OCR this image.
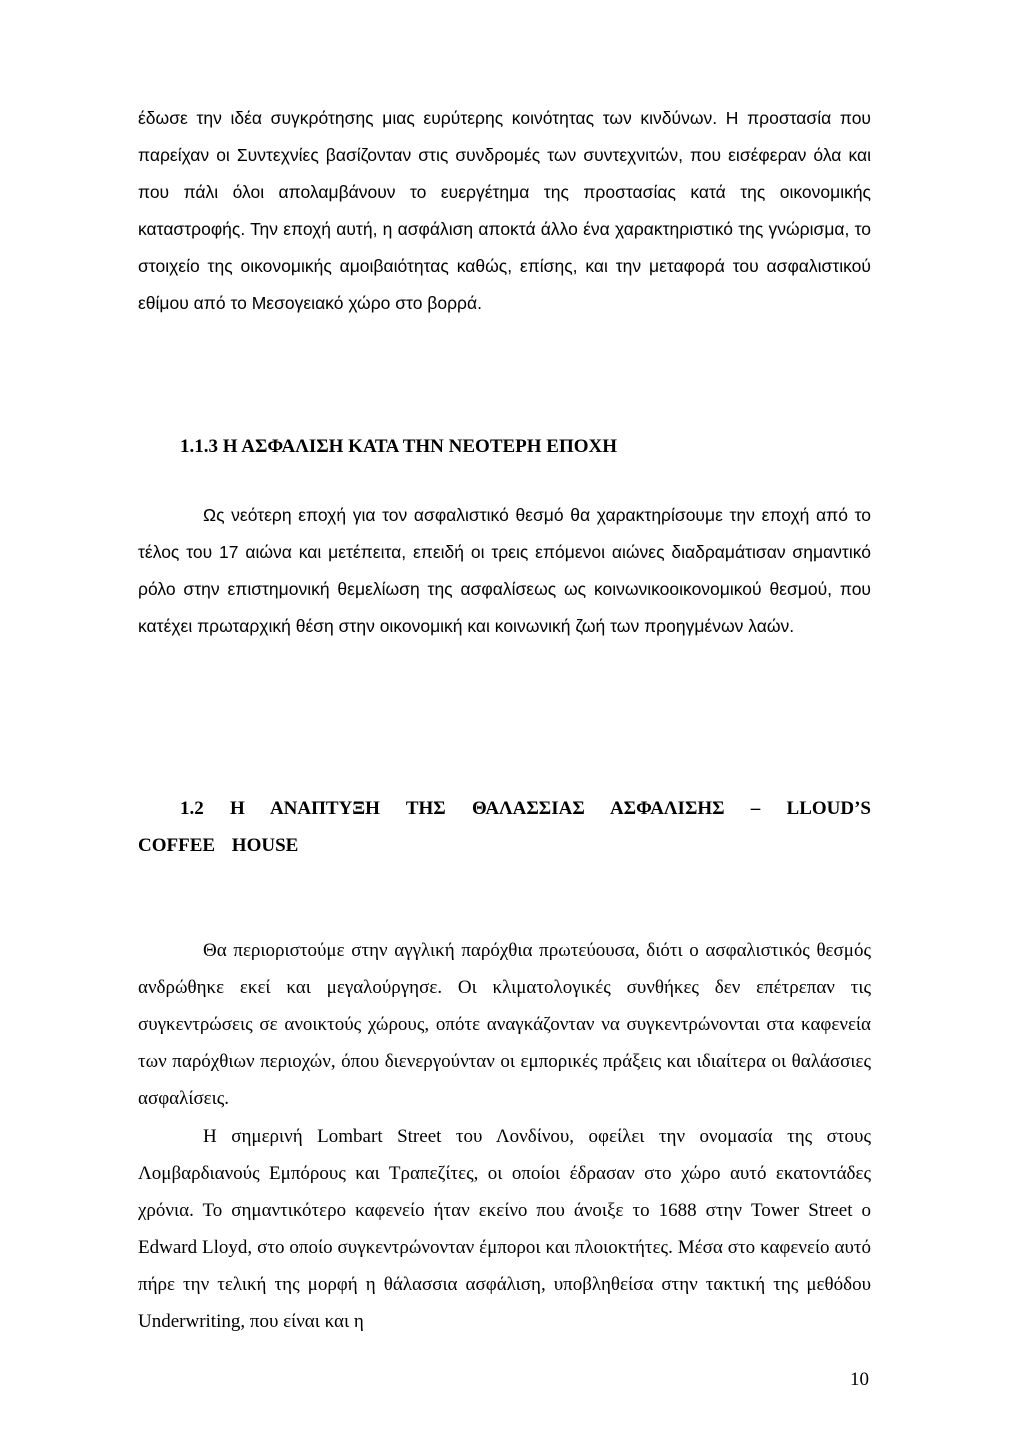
έδωσε την ιδέα συγκρότησης μιας ευρύτερης κοινότητας των κινδύνων. Η προστασία που παρείχαν οι Συντεχνίες βασίζονταν στις συνδρομές των συντεχνιτών, που εισέφεραν όλα και που πάλι όλοι απολαμβάνουν το ευεργέτημα της προστασίας κατά της οικονομικής καταστροφής. Την εποχή αυτή, η ασφάλιση αποκτά άλλο ένα χαρακτηριστικό της γνώρισμα, το στοιχείο της οικονομικής αμοιβαιότητας καθώς, επίσης, και την μεταφορά του ασφαλιστικού εθίμου από το Μεσογειακό χώρο στο βορρά.

1.1.3 Η ΑΣΦΑΛΙΣΗ ΚΑΤΑ ΤΗΝ ΝΕΟΤΕΡΗ ΕΠΟΧΗ

Ως νεότερη εποχή για τον ασφαλιστικό θεσμό θα χαρακτηρίσουμε την εποχή από το τέλος του 17 αιώνα και μετέπειτα, επειδή οι τρεις επόμενοι αιώνες διαδραμάτισαν σημαντικό ρόλο στην επιστημονική θεμελίωση της ασφαλίσεως ως κοινωνικοοικονομικού θεσμού, που κατέχει πρωταρχική θέση στην οικονομική και κοινωνική ζωή των προηγμένων λαών.

1.2 Η ΑΝΑΠΤΥΞΗ ΤΗΣ ΘΑΛΑΣΣΙΑΣ ΑΣΦΑΛΙΣΗΣ – LLOUD’S COFFEE HOUSE

Θα περιοριστούμε στην αγγλική παρόχθια πρωτεύουσα, διότι ο ασφαλιστικός θεσμός ανδρώθηκε εκεί και μεγαλούργησε. Οι κλιματολογικές συνθήκες δεν επέτρεπαν τις συγκεντρώσεις σε ανοικτούς χώρους, οπότε αναγκάζονταν να συγκεντρώνονται στα καφενεία των παρόχθιων περιοχών, όπου διενεργούνταν οι εμπορικές πράξεις και ιδιαίτερα οι θαλάσσιες ασφαλίσεις.

Η σημερινή Lombart Street του Λονδίνου, οφείλει την ονομασία της στους Λομβαρδιανούς Εμπόρους και Τραπεζίτες, οι οποίοι έδρασαν στο χώρο αυτό εκατοντάδες χρόνια. Το σημαντικότερο καφενείο ήταν εκείνο που άνοιξε το 1688 στην Tower Street ο Edward Lloyd, στο οποίο συγκεντρώνονταν έμποροι και πλοιοκτήτες. Μέσα στο καφενείο αυτό πήρε την τελική της μορφή η θάλασσια ασφάλιση, υποβληθείσα στην τακτική της μεθόδου Underwriting, που είναι και η

10
